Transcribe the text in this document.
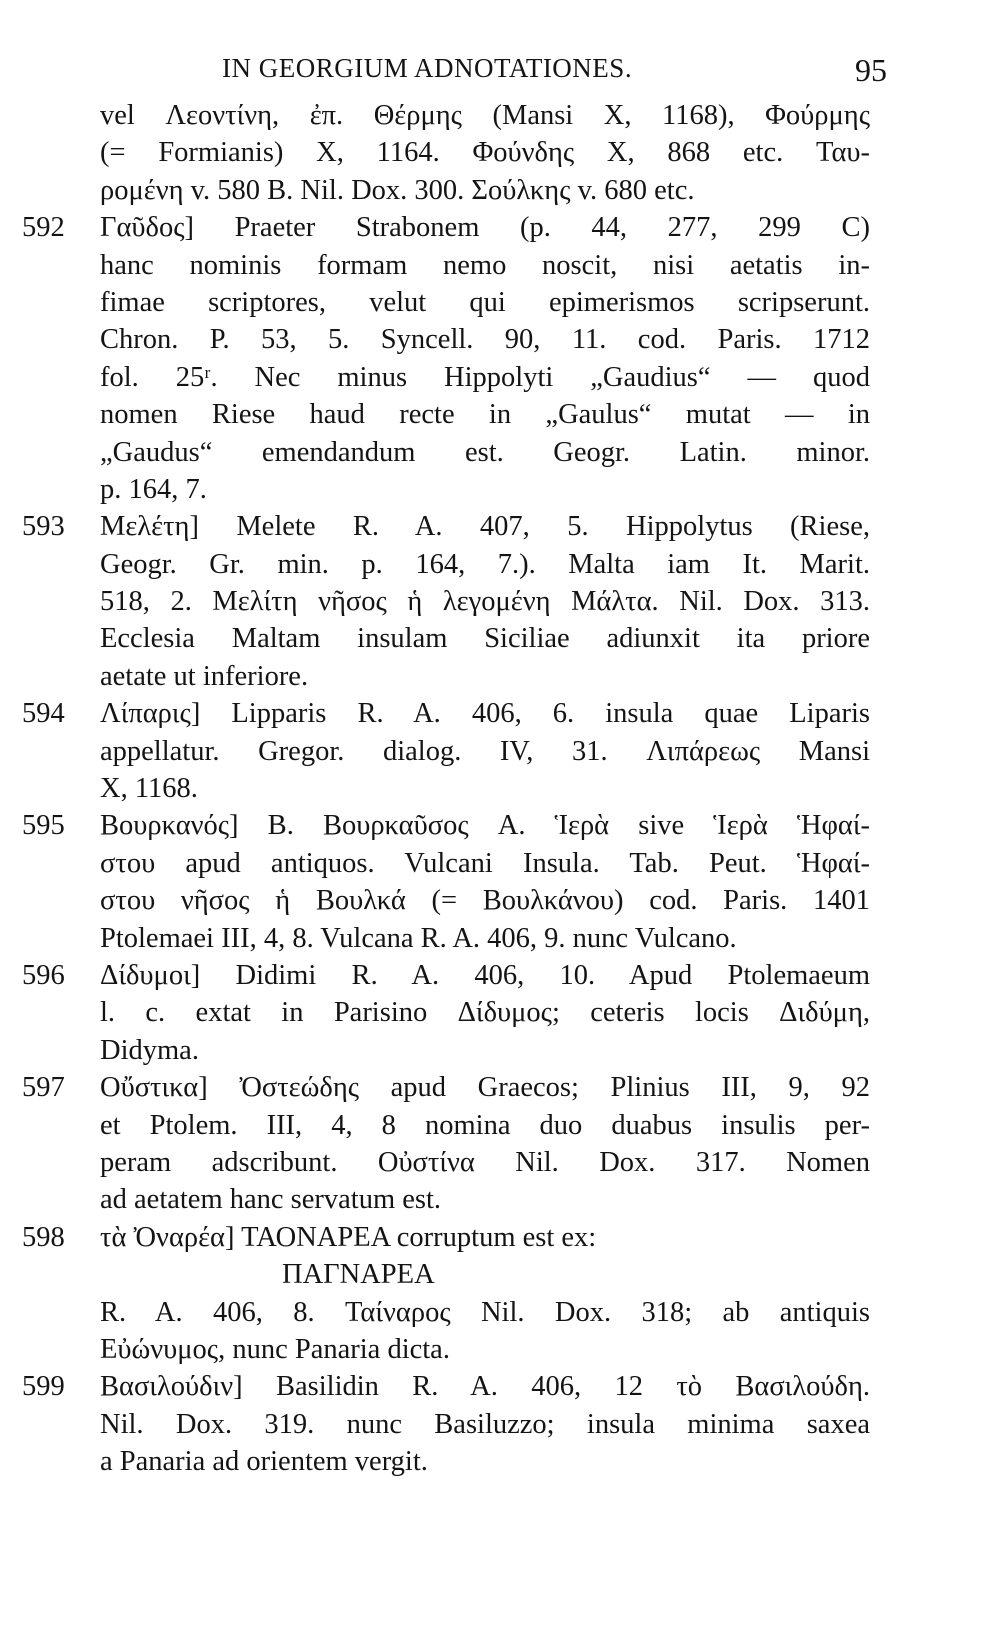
IN GEORGIUM ADNOTATIONES.	95
vel Λεοντίνη, ἐπ. Θέρμης (Mansi X, 1168), Φούρμης
(= Formianis) X, 1164. Φούνδης X, 868 etc. Ταυ-
ρομένη v. 580 B. Nil. Dox. 300. Σούλκης v. 680 etc.
592	Γαῦδος] Praeter Strabonem (p. 44, 277, 299 C)
hanc nominis formam nemo noscit, nisi aetatis in-
fimae scriptores, velut qui epimerismos scripserunt.
Chron. P. 53, 5. Syncell. 90, 11. cod. Paris. 1712
fol. 25ʳ. Nec minus Hippolyti „Gaudius“ — quod
nomen Riese haud recte in „Gaulus“ mutat — in
„Gaudus“ emendandum est. Geogr. Latin. minor.
p. 164, 7.
593	Μελέτη] Melete R. A. 407, 5. Hippolytus (Riese,
Geogr. Gr. min. p. 164, 7.). Malta iam It. Marit.
518, 2. Μελίτη νῆσος ἡ λεγομένη Μάλτα. Nil. Dox. 313.
Ecclesia Maltam insulam Siciliae adiunxit ita priore
aetate ut inferiore.
594	Λίπαρις] Lipparis R. A. 406, 6. insula quae Liparis
appellatur. Gregor. dialog. IV, 31. Λιπάρεως Mansi
X, 1168.
595	Βουρκανός] B. Βουρκαῦσος A. Ἱερὰ sive Ἱερὰ Ἡφαί-
στου apud antiquos. Vulcani Insula. Tab. Peut. Ἡφαί-
στου νῆσος ἡ Βουλκά (= Βουλκάνου) cod. Paris. 1401
Ptolemaei III, 4, 8. Vulcana R. A. 406, 9. nunc Vulcano.
596	Δίδυμοι] Didimi R. A. 406, 10. Apud Ptolemaeum
l. c. extat in Parisino Δίδυμος; ceteris locis Διδύμη,
Didyma.
597	Οὔστικα] Ὀστεώδης apud Graecos; Plinius III, 9, 92
et Ptolem. III, 4, 8 nomina duo duabus insulis per-
peram adscribunt. Οὐστίνα Nil. Dox. 317. Nomen
ad aetatem hanc servatum est.
598	τὰ Ὀναρέα] ΤΑΟΝΑΡΕΑ corruptum est ex:
ΠΑΓΝΑΡΕΑ
R. A. 406, 8. Ταίναρος Nil. Dox. 318; ab antiquis
Εὐώνυμος, nunc Panaria dicta.
599	Βασιλούδιν] Basilidin R. A. 406, 12 τὸ Βασιλούδη.
Nil. Dox. 319. nunc Basiluzzo; insula minima saxea
a Panaria ad orientem vergit.
